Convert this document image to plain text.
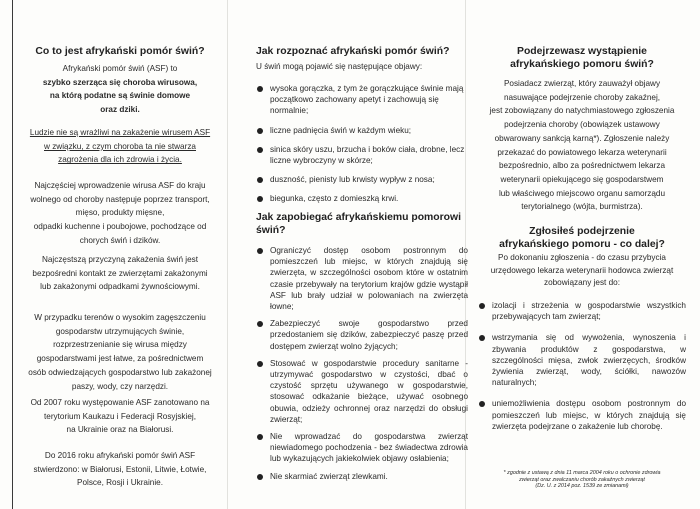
Co to jest afrykański pomór świń?
Afrykański pomór świń (ASF) to
szybko szerząca się choroba wirusowa,
na którą podatne są świnie domowe
oraz dziki.

Ludzie nie są wrażliwi na zakażenie wirusem ASF

w związku, z czym choroba ta nie stwarza

zagrożenia dla ich zdrowia i życia.

Najczęściej wprowadzenie wirusa ASF do kraju

wolnego od choroby następuje poprzez transport,

mięso, produkty mięsne,

odpadki kuchenne i poubojowe, pochodzące od

chorych świń i dzików.

Najczęstszą przyczyną zakażenia świń jest

bezpośredni kontakt ze zwierzętami zakażonymi

lub zakażonymi odpadkami żywnościowymi.

W przypadku terenów o wysokim zagęszczeniu

gospodarstw utrzymujących świnie,

rozprzestrzenianie się wirusa między

gospodarstwami jest łatwe, za pośrednictwem

osób odwiedzających gospodarstwo lub zakażonej

paszy, wody, czy narzędzi.

Od 2007 roku występowanie ASF zanotowano na

terytorium Kaukazu i Federacji Rosyjskiej,

na Ukrainie oraz na Białorusi.

Do 2016 roku afrykański pomór świń ASF

stwierdzono: w Białorusi, Estonii, Litwie, Łotwie,

Polsce, Rosji i Ukrainie.

Jak rozpoznać afrykański pomór świń?

U świń mogą pojawić się następujące objawy:

wysoka gorączka, z tym że gorączkujące świnie mają początkowo zachowany apetyt i zachowują się normalnie;
liczne padnięcia świń w każdym wieku;
sinica skóry uszu, brzucha i boków ciała, drobne, lecz liczne wybroczyny w skórze;
duszność, pienisty lub krwisty wypływ z nosa;
biegunka, często z domieszką krwi.
Jak zapobiegać afrykańskiemu pomorowi
świń?
Ograniczyć dostęp osobom postronnym do pomieszczeń lub miejsc, w których znajdują się zwierzęta, w szczególności osobom które w ostatnim czasie przebywały na terytorium krajów gdzie wystąpił ASF lub brały udział w polowaniach na zwierzęta łowne;
Zabezpieczyć swoje gospodarstwo przed przedostaniem się dzików, zabezpieczyć paszę przed dostępem zwierząt wolno żyjących;
Stosować w gospodarstwie procedury sanitarne - utrzymywać gospodarstwo w czystości, dbać o czystość sprzętu używanego w gospodarstwie, stosować odkażanie bieżące, używać osobnego obuwia, odzieży ochronnej oraz narzędzi do obsługi zwierząt;
Nie wprowadzać do gospodarstwa zwierząt niewiadomego pochodzenia - bez świadectwa zdrowia lub wykazujących jakiekolwiek objawy osłabienia;
Nie skarmiać zwierząt zlewkami.
Podejrzewasz wystąpienie
afrykańskiego pomoru świń?

Posiadacz zwierząt, który zauważył objawy

nasuwające podejrzenie choroby zakaźnej,

jest zobowiązany do natychmiastowego zgłoszenia

podejrzenia choroby (obowiązek ustawowy

obwarowany sankcją karną*). Zgłoszenie należy

przekazać do powiatowego lekarza weterynarii

bezpośrednio, albo za pośrednictwem lekarza

weterynarii opiekującego się gospodarstwem

lub właściwego miejscowo organu samorządu

terytorialnego (wójta, burmistrza).

Zgłosiłeś podejrzenie
afrykańskiego pomoru - co dalej?

Po dokonaniu zgłoszenia - do czasu przybycia urzędowego lekarza weterynarii hodowca zwierząt zobowiązany jest do:

izolacji i strzeżenia w gospodarstwie wszystkich przebywających tam zwierząt;
wstrzymania się od wywożenia, wynoszenia i zbywania produktów z gospodarstwa, w szczególności mięsa, zwłok zwierzęcych, środków żywienia zwierząt, wody, ściółki, nawozów naturalnych;
uniemożliwienia dostępu osobom postronnym do pomieszczeń lub miejsc, w których znajdują się zwierzęta podejrzane o zakażenie lub chorobę.
* zgodnie z ustawą z dnia 11 marca 2004 roku o ochronie zdrowia
zwierząt oraz zwalczaniu chorób zakaźnych zwierząt
(Dz. U. z 2014 poz. 1539 ze zmianami)
